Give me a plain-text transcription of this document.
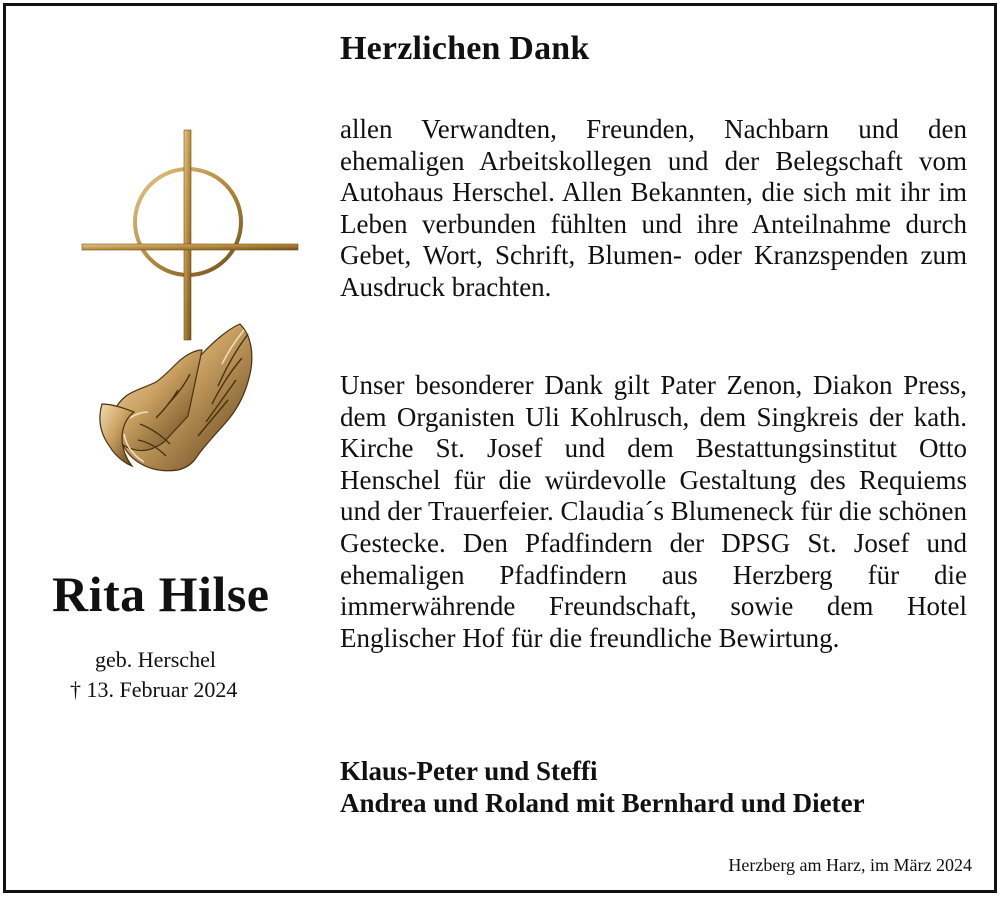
Herzlichen Dank

allen Verwandten, Freunden, Nachbarn und den ehemaligen Arbeitskollegen und der Belegschaft vom Autohaus Herschel. Allen Bekannten, die sich mit ihr im Leben verbunden fühlten und ihre Anteilnahme durch Gebet, Wort, Schrift, Blumen- oder Kranzspenden zum Ausdruck brachten.

Unser besonderer Dank gilt Pater Zenon, Diakon Press, dem Organisten Uli Kohlrusch, dem Singkreis der kath. Kirche St. Josef und dem Bestattungsinstitut Otto Henschel für die würdevolle Gestaltung des Requiems und der Trauerfeier. Claudia´s Blumeneck für die schönen Gestecke. Den Pfadfindern der DPSG St. Josef und ehemaligen Pfadfindern aus Herzberg für die immerwährende Freundschaft, sowie dem Hotel Englischer Hof für die freundliche Bewirtung.

Klaus-Peter und Steffi

Andrea und Roland mit Bernhard und Dieter

Herzberg am Harz, im März 2024

Rita Hilse

geb. Herschel

† 13. Februar 2024
